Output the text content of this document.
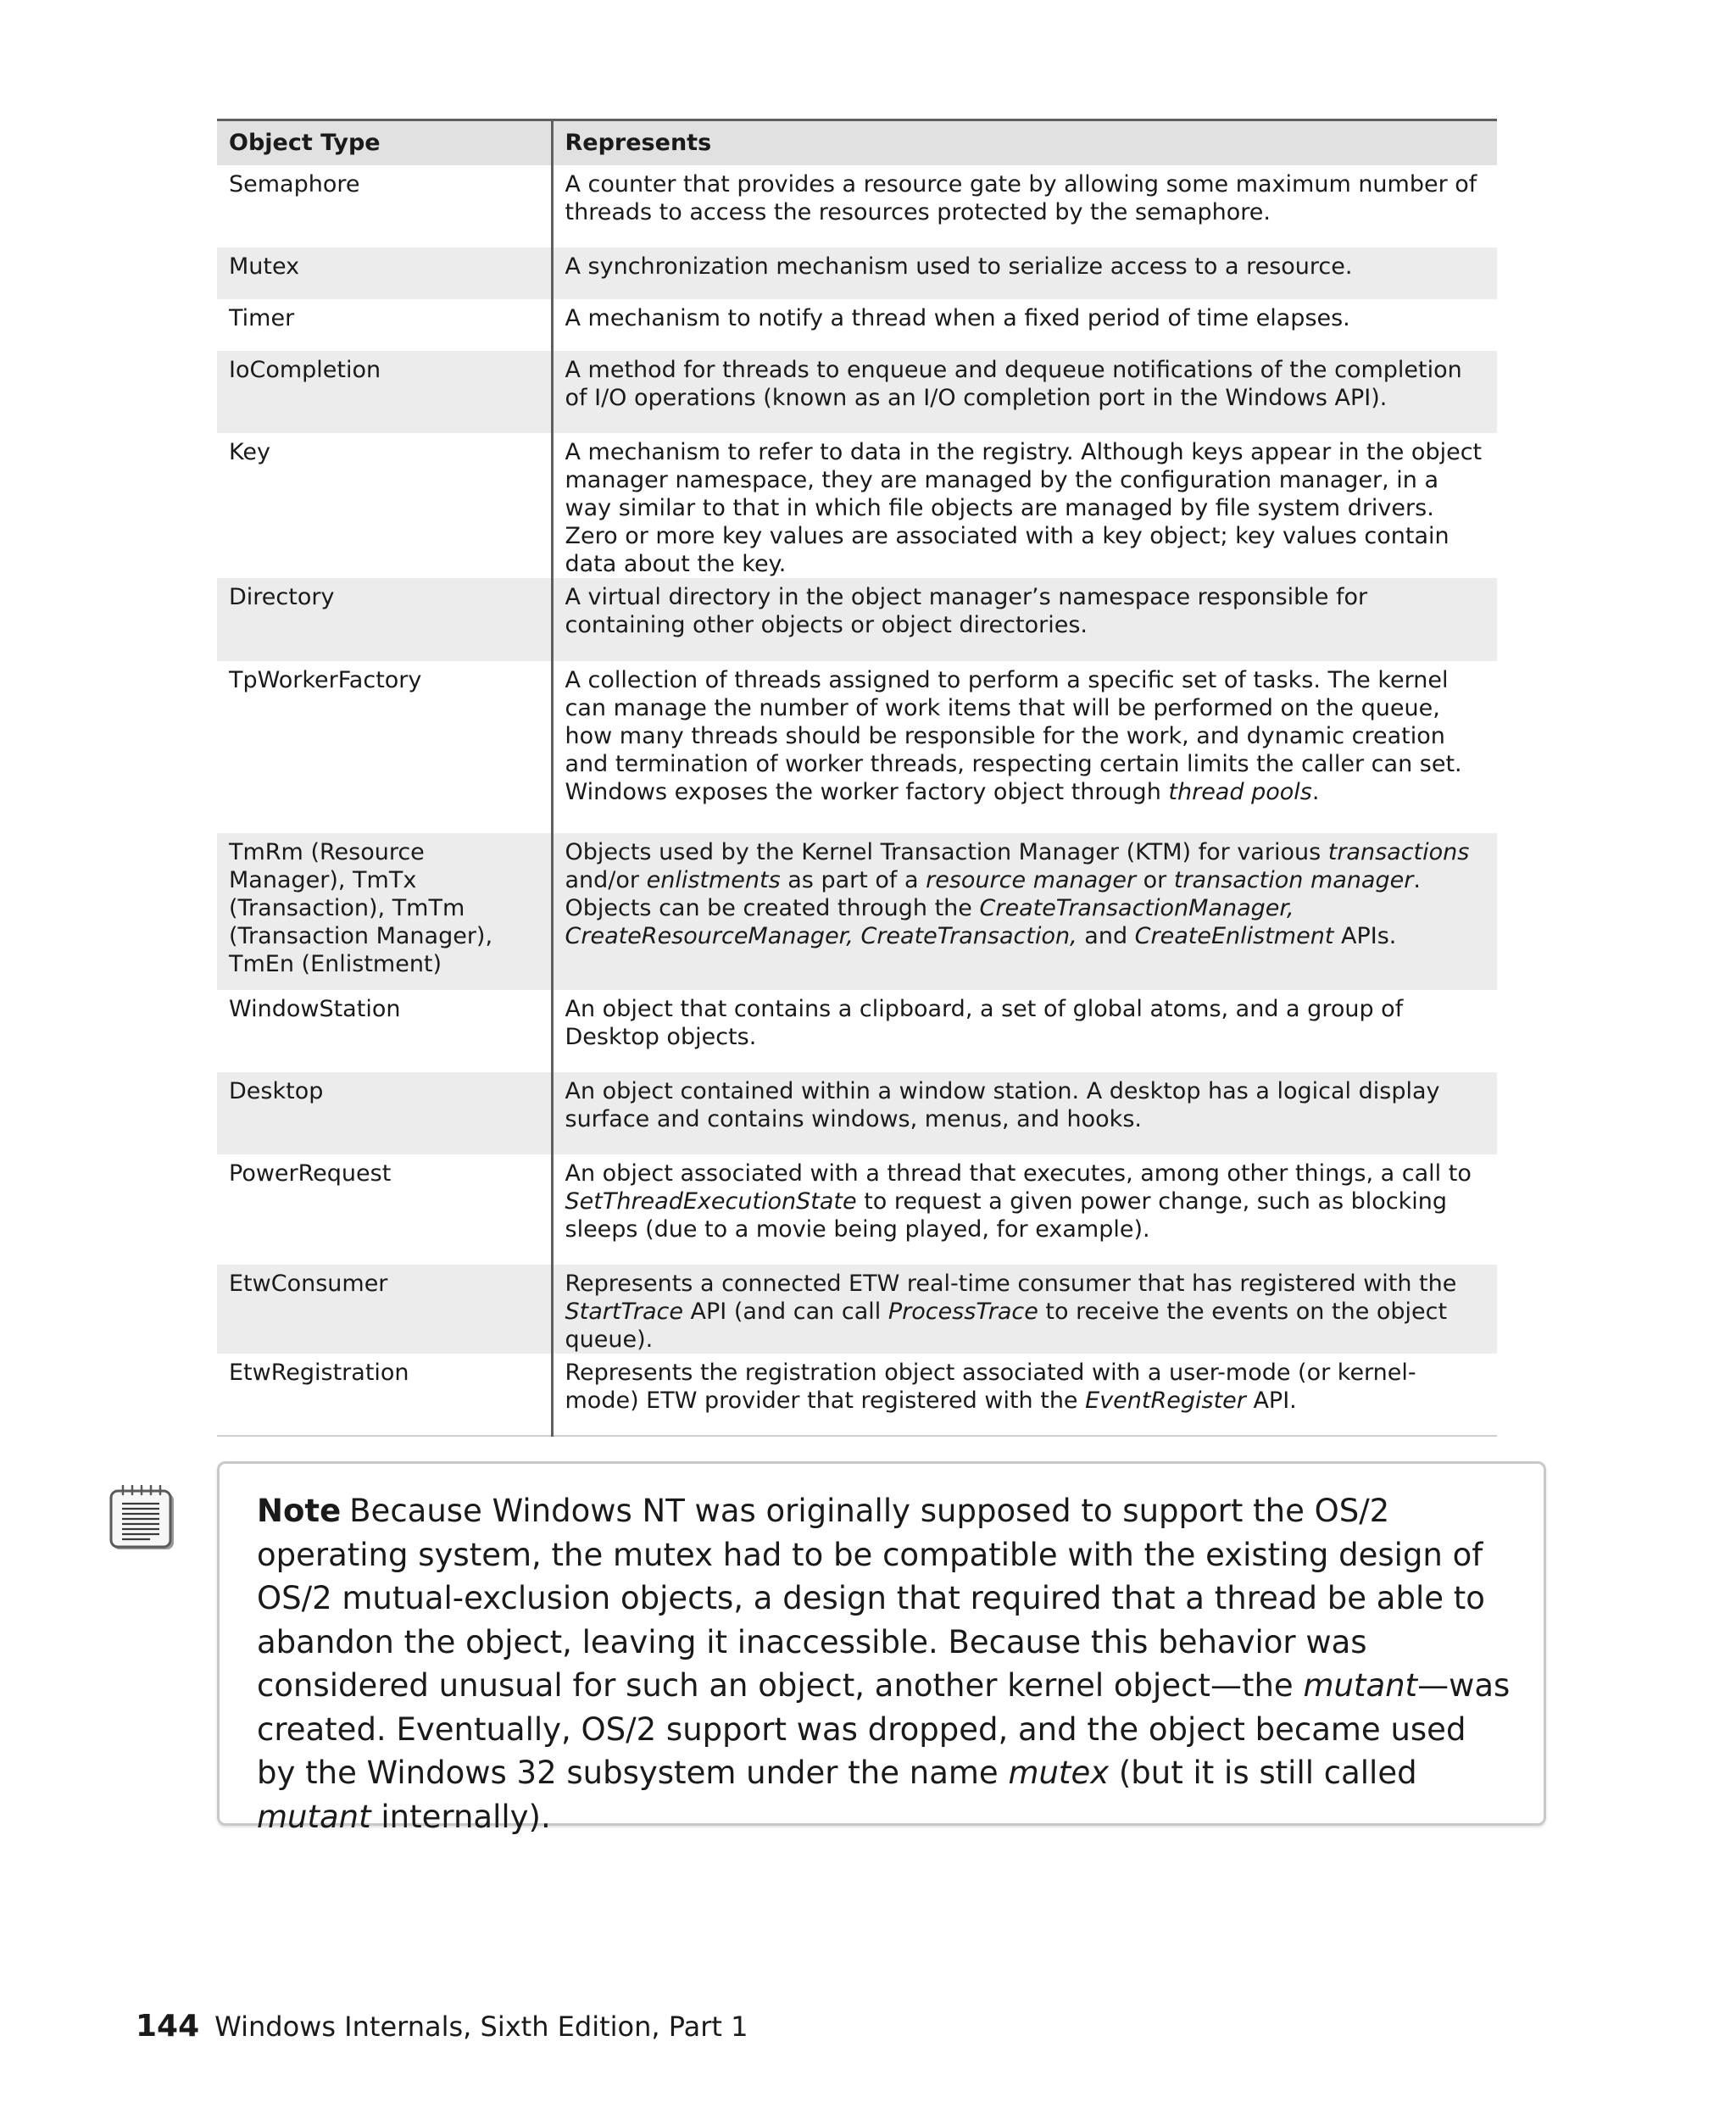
Object Type	Represents
Semaphore	A counter that provides a resource gate by allowing some maximum number of threads to access the resources protected by the semaphore.
Mutex	A synchronization mechanism used to serialize access to a resource.
Timer	A mechanism to notify a thread when a fixed period of time elapses.
IoCompletion	A method for threads to enqueue and dequeue notifications of the completion of I/O operations (known as an I/O completion port in the Windows API).
Key	A mechanism to refer to data in the registry. Although keys appear in the object manager namespace, they are managed by the configuration manager, in a way similar to that in which file objects are managed by file system drivers. Zero or more key values are associated with a key object; key values contain data about the key.
Directory	A virtual directory in the object manager’s namespace responsible for containing other objects or object directories.
TpWorkerFactory	A collection of threads assigned to perform a specific set of tasks. The kernel can manage the number of work items that will be performed on the queue, how many threads should be responsible for the work, and dynamic creation and termination of worker threads, respecting certain limits the caller can set. Windows exposes the worker factory object through thread pools.
TmRm (Resource Manager), TmTx (Transaction), TmTm (Transaction Manager), TmEn (Enlistment)	Objects used by the Kernel Transaction Manager (KTM) for various transactions and/or enlistments as part of a resource manager or transaction manager. Objects can be created through the CreateTransactionManager, CreateResourceManager, CreateTransaction, and CreateEnlistment APIs.
WindowStation	An object that contains a clipboard, a set of global atoms, and a group of Desktop objects.
Desktop	An object contained within a window station. A desktop has a logical display surface and contains windows, menus, and hooks.
PowerRequest	An object associated with a thread that executes, among other things, a call to SetThreadExecutionState to request a given power change, such as blocking sleeps (due to a movie being played, for example).
EtwConsumer	Represents a connected ETW real-time consumer that has registered with the StartTrace API (and can call ProcessTrace to receive the events on the object queue).
EtwRegistration	Represents the registration object associated with a user-mode (or kernel-mode) ETW provider that registered with the EventRegister API.
Note Because Windows NT was originally supposed to support the OS/2 operating system, the mutex had to be compatible with the existing design of OS/2 mutual-exclusion objects, a design that required that a thread be able to abandon the object, leaving it inaccessible. Because this behavior was considered unusual for such an object, another kernel object—the mutant—was created. Eventually, OS/2 support was dropped, and the object became used by the Windows 32 subsystem under the name mutex (but it is still called mutant internally).
144 Windows Internals, Sixth Edition, Part 1
